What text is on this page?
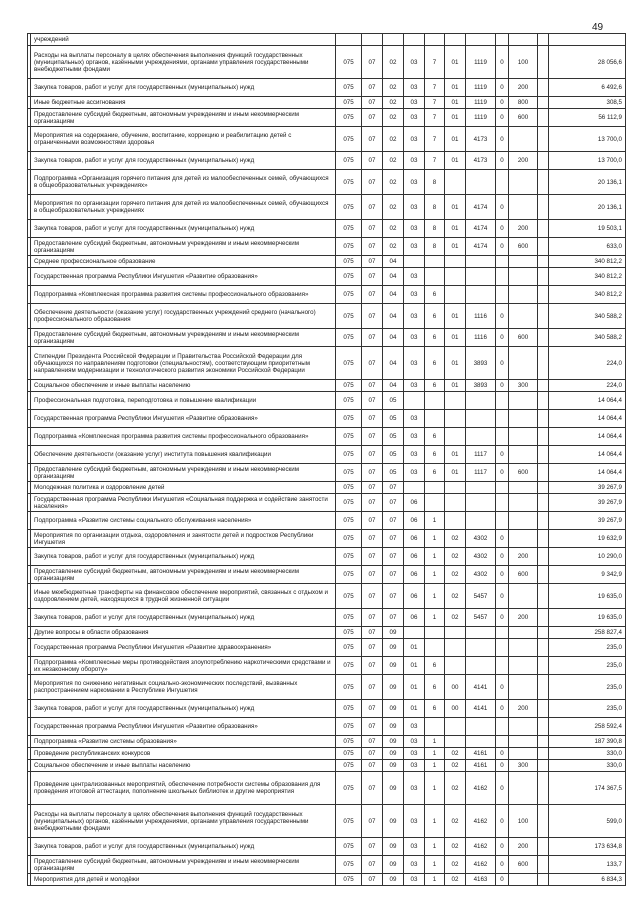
49
	учреждений											
	Расходы на выплаты персоналу в целях обеспечения выполнения функций государственных (муниципальных) органов, казёнными учреждениями, органами управления государственными внебюджетными фондами	075	07	02	03	7	01	1119	0	100		28 056,6
	Закупка товаров, работ и услуг для государственных (муниципальных) нужд	075	07	02	03	7	01	1119	0	200		6 492,6
	Иные бюджетные ассигнования	075	07	02	03	7	01	1119	0	800		308,5
	Предоставление субсидий бюджетным, автономным учреждениям и иным некоммерческим организациям	075	07	02	03	7	01	1119	0	600		56 112,9
	Мероприятия на содержание, обучение, воспитание, коррекцию и реабилитацию детей с ограниченными возможностями здоровья	075	07	02	03	7	01	4173	0			13 700,0
	Закупка товаров, работ и услуг для государственных (муниципальных) нужд	075	07	02	03	7	01	4173	0	200		13 700,0
	Подпрограмма «Организация горячего питания для детей из малообеспеченных семей, обучающихся в общеобразовательных учреждениях»	075	07	02	03	8						20 136,1
	Мероприятия по организации горячего питания для детей из малообеспеченных семей, обучающихся в общеобразовательных учреждениях	075	07	02	03	8	01	4174	0			20 136,1
	Закупка товаров, работ и услуг для государственных (муниципальных) нужд	075	07	02	03	8	01	4174	0	200		19 503,1
	Предоставление субсидий бюджетным, автономным учреждениям и иным некоммерческим организациям	075	07	02	03	8	01	4174	0	600		633,0
	Среднее профессиональное образование	075	07	04								340 812,2
	Государственная программа Республики Ингушетия «Развитие образования»	075	07	04	03							340 812,2
	Подпрограмма «Комплексная программа развития системы профессионального образования»	075	07	04	03	6						340 812,2
	Обеспечение деятельности (оказание услуг) государственных учреждений среднего (начального) профессионального образования	075	07	04	03	6	01	1116	0			340 588,2
	Предоставление субсидий бюджетным, автономным учреждениям и иным некоммерческим организациям	075	07	04	03	6	01	1116	0	600		340 588,2
	Стипендии Президента Российской Федерации и Правительства Российской Федерации для обучающихся по направлениям подготовки (специальностям), соответствующим приоритетным направлениям модернизации и технологического развития экономики Российской Федерации	075	07	04	03	6	01	3893	0			224,0
	Социальное обеспечение и иные выплаты населению	075	07	04	03	6	01	3893	0	300		224,0
	Профессиональная подготовка, переподготовка и повышение квалификации	075	07	05								14 064,4
	Государственная программа Республики Ингушетия «Развитие образования»	075	07	05	03							14 064,4
	Подпрограмма «Комплексная программа развития системы профессионального образования»	075	07	05	03	6						14 064,4
	Обеспечение деятельности (оказание услуг) института повышения квалификации	075	07	05	03	6	01	1117	0			14 064,4
	Предоставление субсидий бюджетным, автономным учреждениям и иным некоммерческим организациям	075	07	05	03	6	01	1117	0	600		14 064,4
	Молодежная политика и оздоровление детей	075	07	07								39 267,9
	Государственная программа Республики Ингушетия «Социальная поддержка и содействие занятости населения»	075	07	07	06							39 267,9
	Подпрограмма «Развитие системы социального обслуживания населения»	075	07	07	06	1						39 267,9
	Мероприятия по организации отдыха, оздоровления и занятости детей и подростков Республики Ингушетия	075	07	07	06	1	02	4302	0			19 632,9
	Закупка товаров, работ и услуг для государственных (муниципальных) нужд	075	07	07	06	1	02	4302	0	200		10 290,0
	Предоставление субсидий бюджетным, автономным учреждениям и иным некоммерческим организациям	075	07	07	06	1	02	4302	0	600		9 342,9
	Иные межбюджетные трансферты на финансовое обеспечение мероприятий, связанных с отдыхом и оздоровлением детей, находящихся в трудной жизненной ситуации	075	07	07	06	1	02	5457	0			19 635,0
	Закупка товаров, работ и услуг для государственных (муниципальных) нужд	075	07	07	06	1	02	5457	0	200		19 635,0
	Другие вопросы в области образования	075	07	09								258 827,4
	Государственная программа Республики Ингушетия «Развитие здравоохранения»	075	07	09	01							235,0
	Подпрограмма «Комплексные меры противодействия злоупотреблению наркотическими средствами и их незаконному обороту»	075	07	09	01	6						235,0
	Мероприятия по снижению негативных социально-экономических последствий, вызванных распространением наркомании в Республике Ингушетия	075	07	09	01	6	00	4141	0			235,0
	Закупка товаров, работ и услуг для государственных (муниципальных) нужд	075	07	09	01	6	00	4141	0	200		235,0
	Государственная программа Республики Ингушетия «Развитие образования»	075	07	09	03							258 592,4
	Подпрограмма «Развитие системы образования»	075	07	09	03	1						187 390,8
	Проведение республиканских конкурсов	075	07	09	03	1	02	4161	0			330,0
	Социальное обеспечение и иные выплаты населению	075	07	09	03	1	02	4161	0	300		330,0
	Проведение централизованных мероприятий, обеспечение потребности системы образования для проведения итоговой аттестации, пополнение школьных библиотек и другие мероприятия	075	07	09	03	1	02	4162	0			174 367,5
	Расходы на выплаты персоналу в целях обеспечения выполнения функций государственных (муниципальных) органов, казёнными учреждениями, органами управления государственными внебюджетными фондами	075	07	09	03	1	02	4162	0	100		599,0
	Закупка товаров, работ и услуг для государственных (муниципальных) нужд	075	07	09	03	1	02	4162	0	200		173 634,8
	Предоставление субсидий бюджетным, автономным учреждениям и иным некоммерческим организациям	075	07	09	03	1	02	4162	0	600		133,7
	Мероприятия для детей и молодёжи	075	07	09	03	1	02	4163	0			6 834,3
